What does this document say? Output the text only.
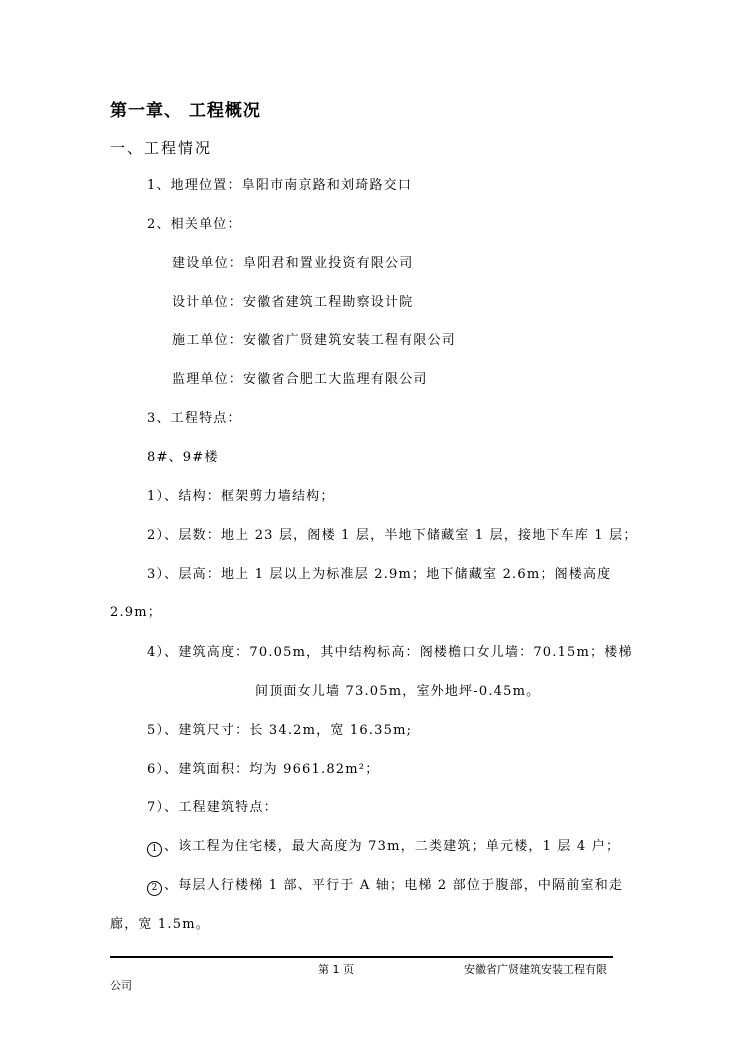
第一章、 工程概况
一、工程情况
1、地理位置：阜阳市南京路和刘琦路交口
2、相关单位：
建设单位：阜阳君和置业投资有限公司
设计单位：安徽省建筑工程勘察设计院
施工单位：安徽省广贤建筑安装工程有限公司
监理单位：安徽省合肥工大监理有限公司
3、工程特点：
8#、9#楼
1）、结构：框架剪力墙结构；
2）、层数：地上 23 层，阁楼 1 层，半地下储藏室 1 层，接地下车库 1 层；
3）、层高：地上 1 层以上为标准层 2.9m；地下储藏室 2.6m；阁楼高度
2.9m；
4）、建筑高度：70.05m，其中结构标高：阁楼檐口女儿墙：70.15m；楼梯
间顶面女儿墙 73.05m，室外地坪-0.45m。
5）、建筑尺寸：长 34.2m，宽 16.35m;
6）、建筑面积：均为 9661.82m²；
7）、工程建筑特点：
1 、该工程为住宅楼，最大高度为 73m，二类建筑；单元楼，1 层 4 户；
2 、每层人行楼梯 1 部、平行于 A 轴；电梯 2 部位于腹部，中隔前室和走
廊，宽 1.5m。
第 1 页	安徽省广贤建筑安装工程有限
公司
